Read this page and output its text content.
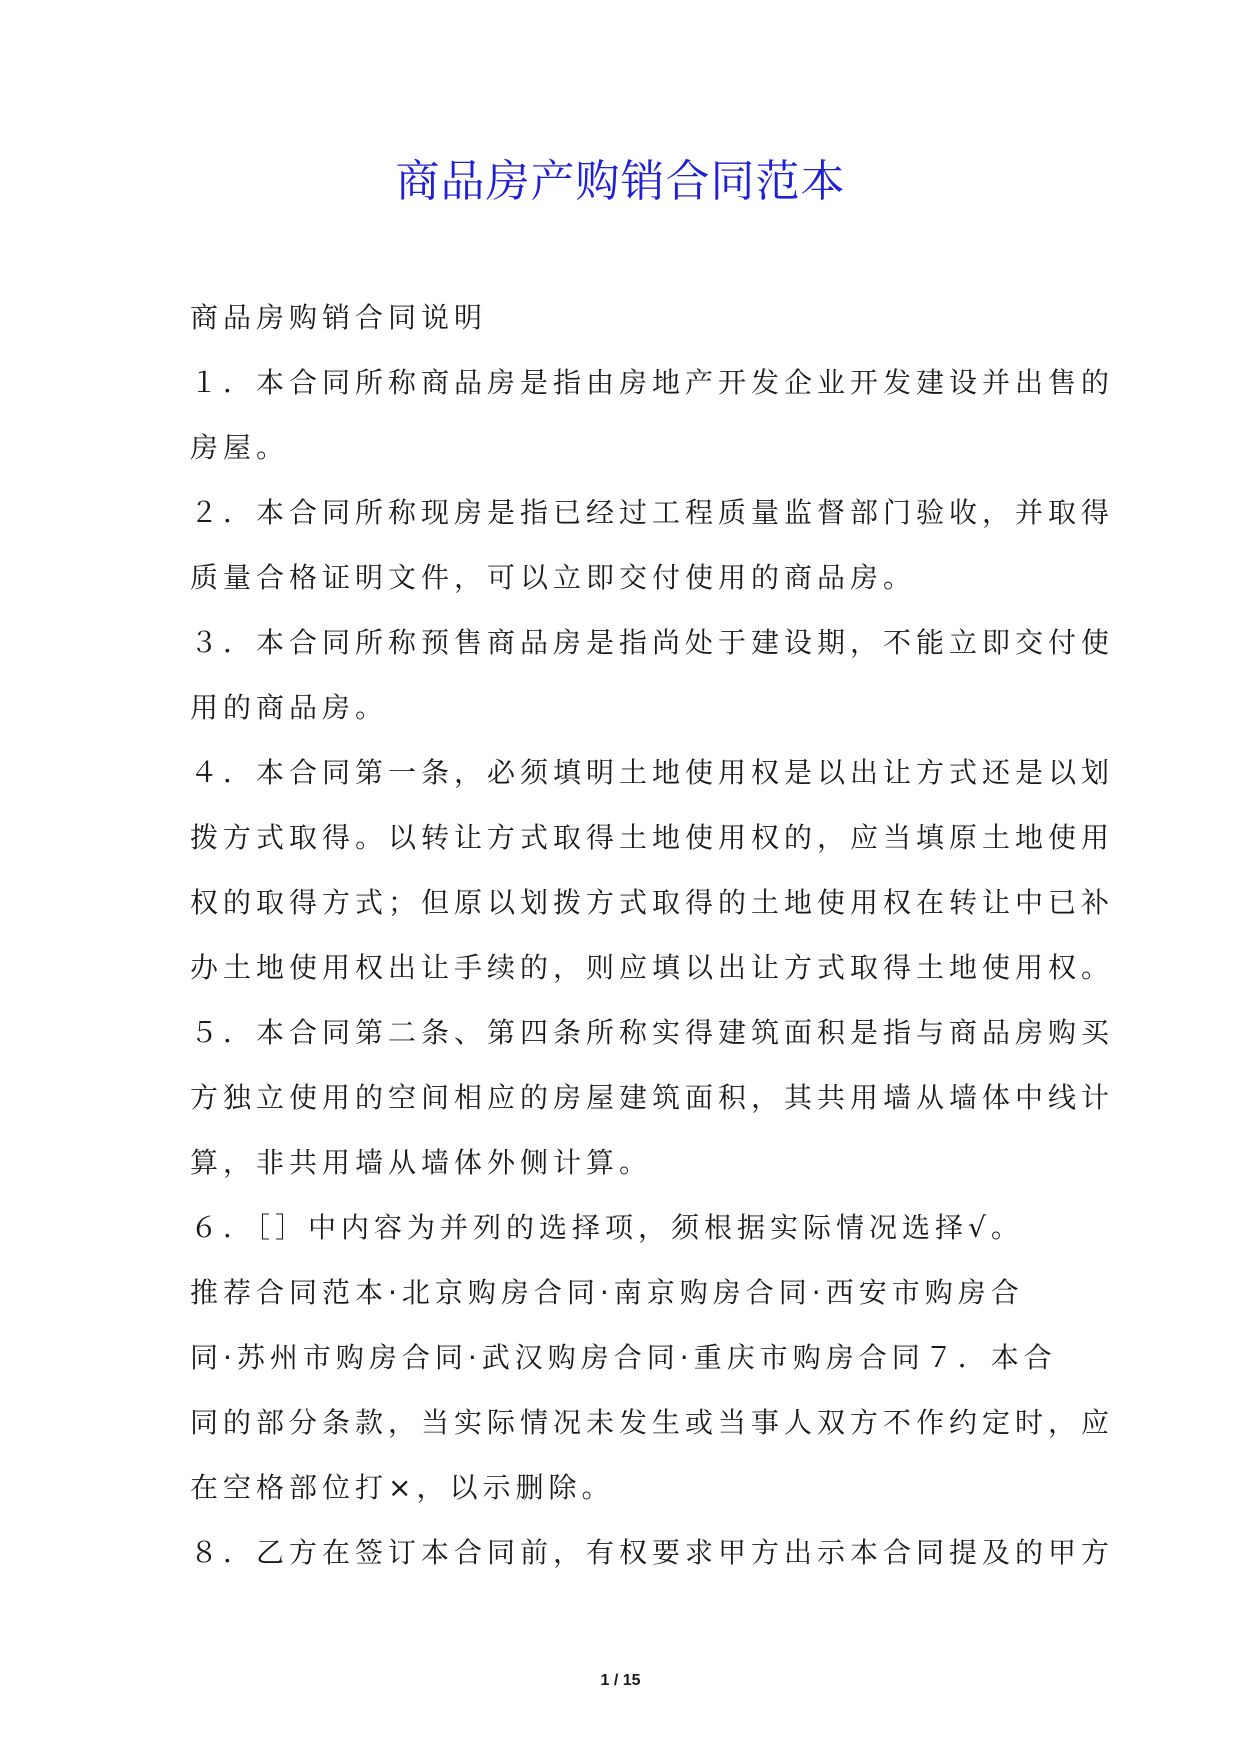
商品房产购销合同范本
商品房购销合同说明
１．本合同所称商品房是指由房地产开发企业开发建设并出售的
房屋。
２．本合同所称现房是指已经过工程质量监督部门验收，并取得
质量合格证明文件，可以立即交付使用的商品房。
３．本合同所称预售商品房是指尚处于建设期，不能立即交付使
用的商品房。
４．本合同第一条，必须填明土地使用权是以出让方式还是以划
拨方式取得。以转让方式取得土地使用权的，应当填原土地使用
权的取得方式；但原以划拨方式取得的土地使用权在转让中已补
办土地使用权出让手续的，则应填以出让方式取得土地使用权。
５．本合同第二条、第四条所称实得建筑面积是指与商品房购买
方独立使用的空间相应的房屋建筑面积，其共用墙从墙体中线计
算，非共用墙从墙体外侧计算。
６．［］中内容为并列的选择项，须根据实际情况选择√。
推荐合同范本·北京购房合同·南京购房合同·西安市购房合
同·苏州市购房合同·武汉购房合同·重庆市购房合同７．本合
同的部分条款，当实际情况未发生或当事人双方不作约定时，应
在空格部位打×，以示删除。
８．乙方在签订本合同前，有权要求甲方出示本合同提及的甲方
1 / 15
